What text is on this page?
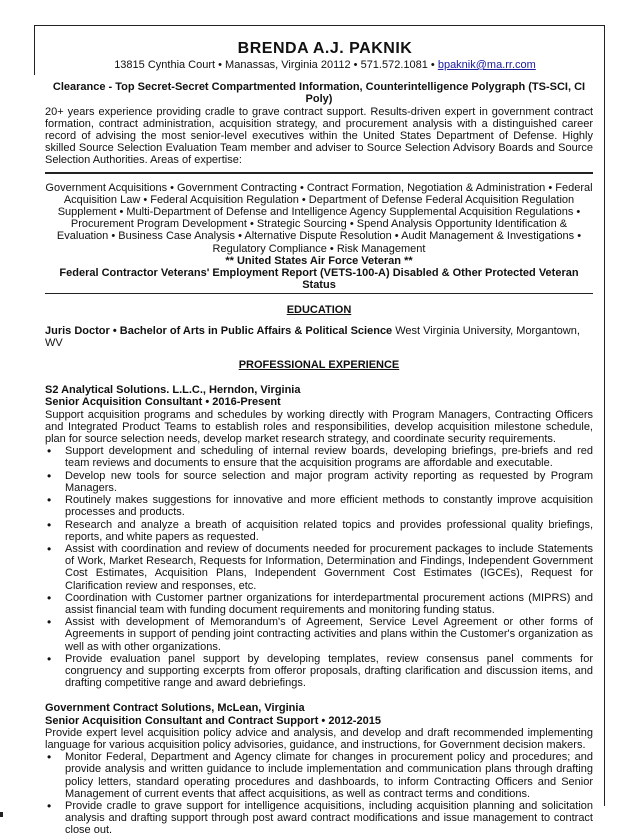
BRENDA A.J. PAKNIK
13815 Cynthia Court • Manassas, Virginia 20112 • 571.572.1081 • bpaknik@ma.rr.com
Clearance - Top Secret-Secret Compartmented Information, Counterintelligence Polygraph (TS-SCI, CI Poly)
20+ years experience providing cradle to grave contract support. Results-driven expert in government contract formation, contract administration, acquisition strategy, and procurement analysis with a distinguished career record of advising the most senior-level executives within the United States Department of Defense. Highly skilled Source Selection Evaluation Team member and adviser to Source Selection Advisory Boards and Source Selection Authorities. Areas of expertise:
Government Acquisitions • Government Contracting • Contract Formation, Negotiation & Administration • Federal Acquisition Law • Federal Acquisition Regulation • Department of Defense Federal Acquisition Regulation Supplement • Multi-Department of Defense and Intelligence Agency Supplemental Acquisition Regulations • Procurement Program Development • Strategic Sourcing • Spend Analysis Opportunity Identification & Evaluation • Business Case Analysis • Alternative Dispute Resolution • Audit Management & Investigations • Regulatory Compliance • Risk Management
** United States Air Force Veteran **
Federal Contractor Veterans' Employment Report (VETS-100-A) Disabled & Other Protected Veteran Status
EDUCATION
Juris Doctor • Bachelor of Arts in Public Affairs & Political Science West Virginia University, Morgantown, WV
PROFESSIONAL EXPERIENCE
S2 Analytical Solutions. L.L.C., Herndon, Virginia
Senior Acquisition Consultant • 2016-Present
Support acquisition programs and schedules by working directly with Program Managers, Contracting Officers and Integrated Product Teams to establish roles and responsibilities, develop acquisition milestone schedule, plan for source selection needs, develop market research strategy, and coordinate security requirements.
• Support development and scheduling of internal review boards, developing briefings, pre-briefs and red team reviews and documents to ensure that the acquisition programs are affordable and executable.
• Develop new tools for source selection and major program activity reporting as requested by Program Managers.
• Routinely makes suggestions for innovative and more efficient methods to constantly improve acquisition processes and products.
• Research and analyze a breath of acquisition related topics and provides professional quality briefings, reports, and white papers as requested.
• Assist with coordination and review of documents needed for procurement packages to include Statements of Work, Market Research, Requests for Information, Determination and Findings, Independent Government Cost Estimates, Acquisition Plans, Independent Government Cost Estimates (IGCEs), Request for Clarification review and responses, etc.
• Coordination with Customer partner organizations for interdepartmental procurement actions (MIPRS) and assist financial team with funding document requirements and monitoring funding status.
• Assist with development of Memorandum's of Agreement, Service Level Agreement or other forms of Agreements in support of pending joint contracting activities and plans within the Customer's organization as well as with other organizations.
• Provide evaluation panel support by developing templates, review consensus panel comments for congruency and supporting excerpts from offeror proposals, drafting clarification and discussion items, and drafting competitive range and award debriefings.
Government Contract Solutions, McLean, Virginia
Senior Acquisition Consultant and Contract Support • 2012-2015
Provide expert level acquisition policy advice and analysis, and develop and draft recommended implementing language for various acquisition policy advisories, guidance, and instructions, for Government decision makers.
• Monitor Federal, Department and Agency climate for changes in procurement policy and procedures; and provide analysis and written guidance to include implementation and communication plans through drafting policy letters, standard operating procedures and dashboards, to inform Contracting Officers and Senior Management of current events that affect acquisitions, as well as contract terms and conditions.
• Provide cradle to grave support for intelligence acquisitions, including acquisition planning and solicitation analysis and drafting support through post award contract modifications and issue management to contract close out.
